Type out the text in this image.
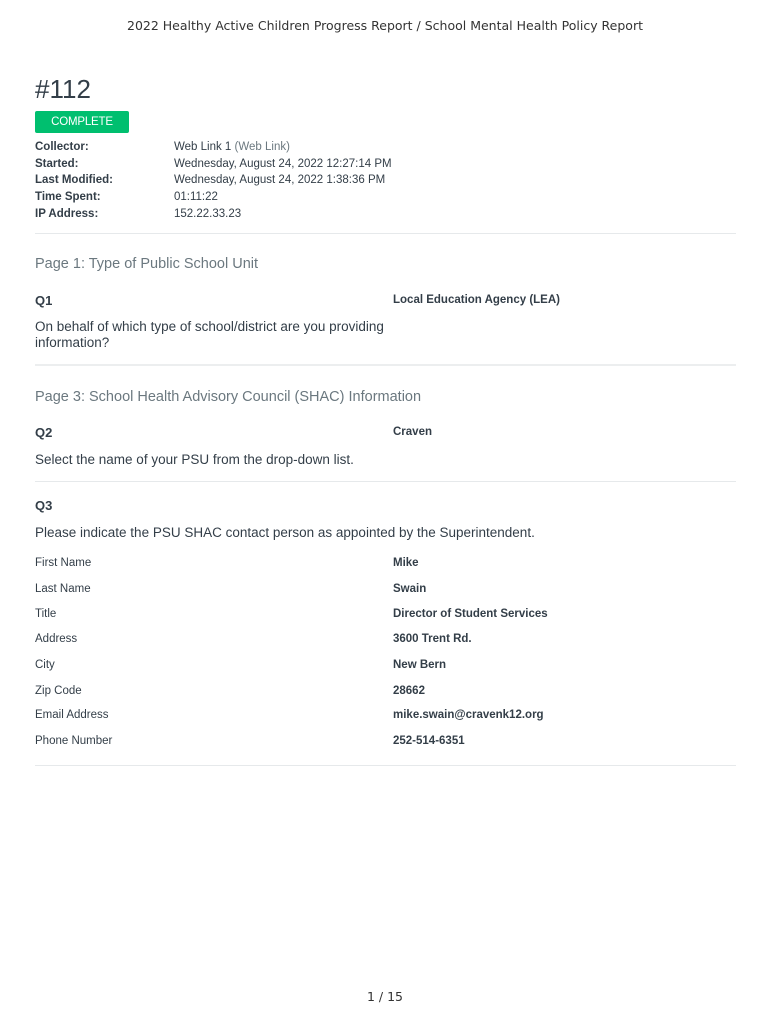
2022 Healthy Active Children Progress Report / School Mental Health Policy Report
#112
COMPLETE
Collector:	Web Link 1 (Web Link)
Started:	Wednesday, August 24, 2022 12:27:14 PM
Last Modified:	Wednesday, August 24, 2022 1:38:36 PM
Time Spent:	01:11:22
IP Address:	152.22.33.23
Page 1: Type of Public School Unit
Q1	Local Education Agency (LEA)
On behalf of which type of school/district are you providing information?
Page 3: School Health Advisory Council (SHAC) Information
Q2	Craven
Select the name of your PSU from the drop-down list.
Q3
Please indicate the PSU SHAC contact person as appointed by the Superintendent.
First Name	Mike
Last Name	Swain
Title	Director of Student Services
Address	3600 Trent Rd.
City	New Bern
Zip Code	28662
Email Address	mike.swain@cravenk12.org
Phone Number	252-514-6351
1 / 15
